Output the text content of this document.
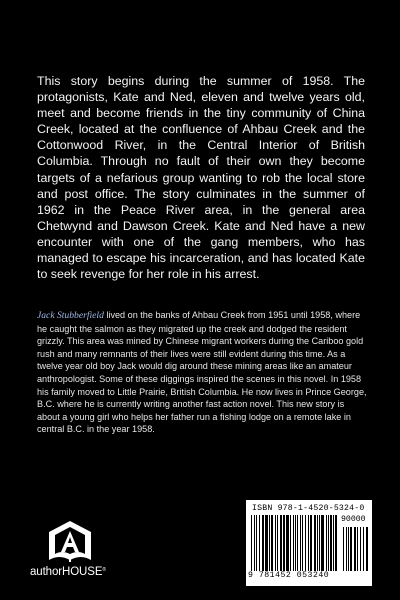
This story begins during the summer of 1958. The protagonists, Kate and Ned, eleven and twelve years old, meet and become friends in the tiny community of China Creek, located at the confluence of Ahbau Creek and the Cottonwood River, in the Central Interior of British Columbia. Through no fault of their own they become targets of a nefarious group wanting to rob the local store and post office. The story culminates in the summer of 1962 in the Peace River area, in the general area Chetwynd and Dawson Creek. Kate and Ned have a new encounter with one of the gang members, who has managed to escape his incarceration, and has located Kate to seek revenge for her role in his arrest.

Jack Stubberfield lived on the banks of Ahbau Creek from 1951 until 1958, where he caught the salmon as they migrated up the creek and dodged the resident grizzly. This area was mined by Chinese migrant workers during the Cariboo gold rush and many remnants of their lives were still evident during this time. As a twelve year old boy Jack would dig around these mining areas like an amateur anthropologist. Some of these diggings inspired the scenes in this novel. In 1958 his family moved to Little Prairie, British Columbia. He now lives in Prince George, B.C. where he is currently writing another fast action novel. This new story is about a young girl who helps her father run a fishing lodge on a remote lake in central B.C. in the year 1958.

authorHOUSE®
ISBN 978-1-4520-5324-0
90000
9 781452 053240
